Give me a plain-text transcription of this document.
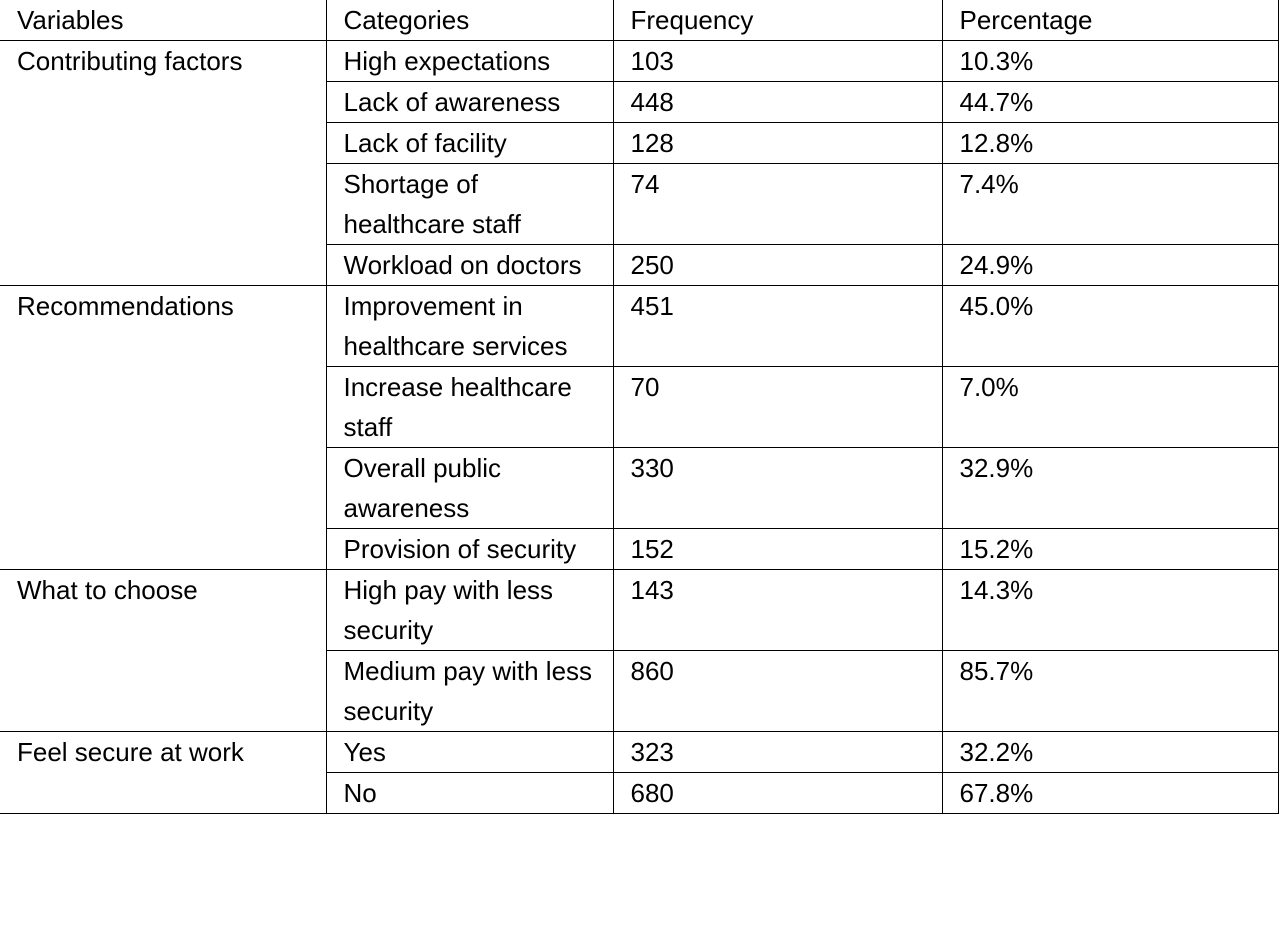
Variables	Categories	Frequency	Percentage

Contributing factors	High expectations	103	10.3%

	Lack of awareness	448	44.7%

	Lack of facility	128	12.8%

	Shortage of healthcare staff	74	7.4%

	Workload on doctors	250	24.9%

Recommendations	Improvement in healthcare services	451	45.0%

	Increase healthcare staff	70	7.0%

	Overall public awareness	330	32.9%

	Provision of security	152	15.2%

What to choose	High pay with less security	143	14.3%

	Medium pay with less security	860	85.7%

Feel secure at work	Yes	323	32.2%

	No	680	67.8%
